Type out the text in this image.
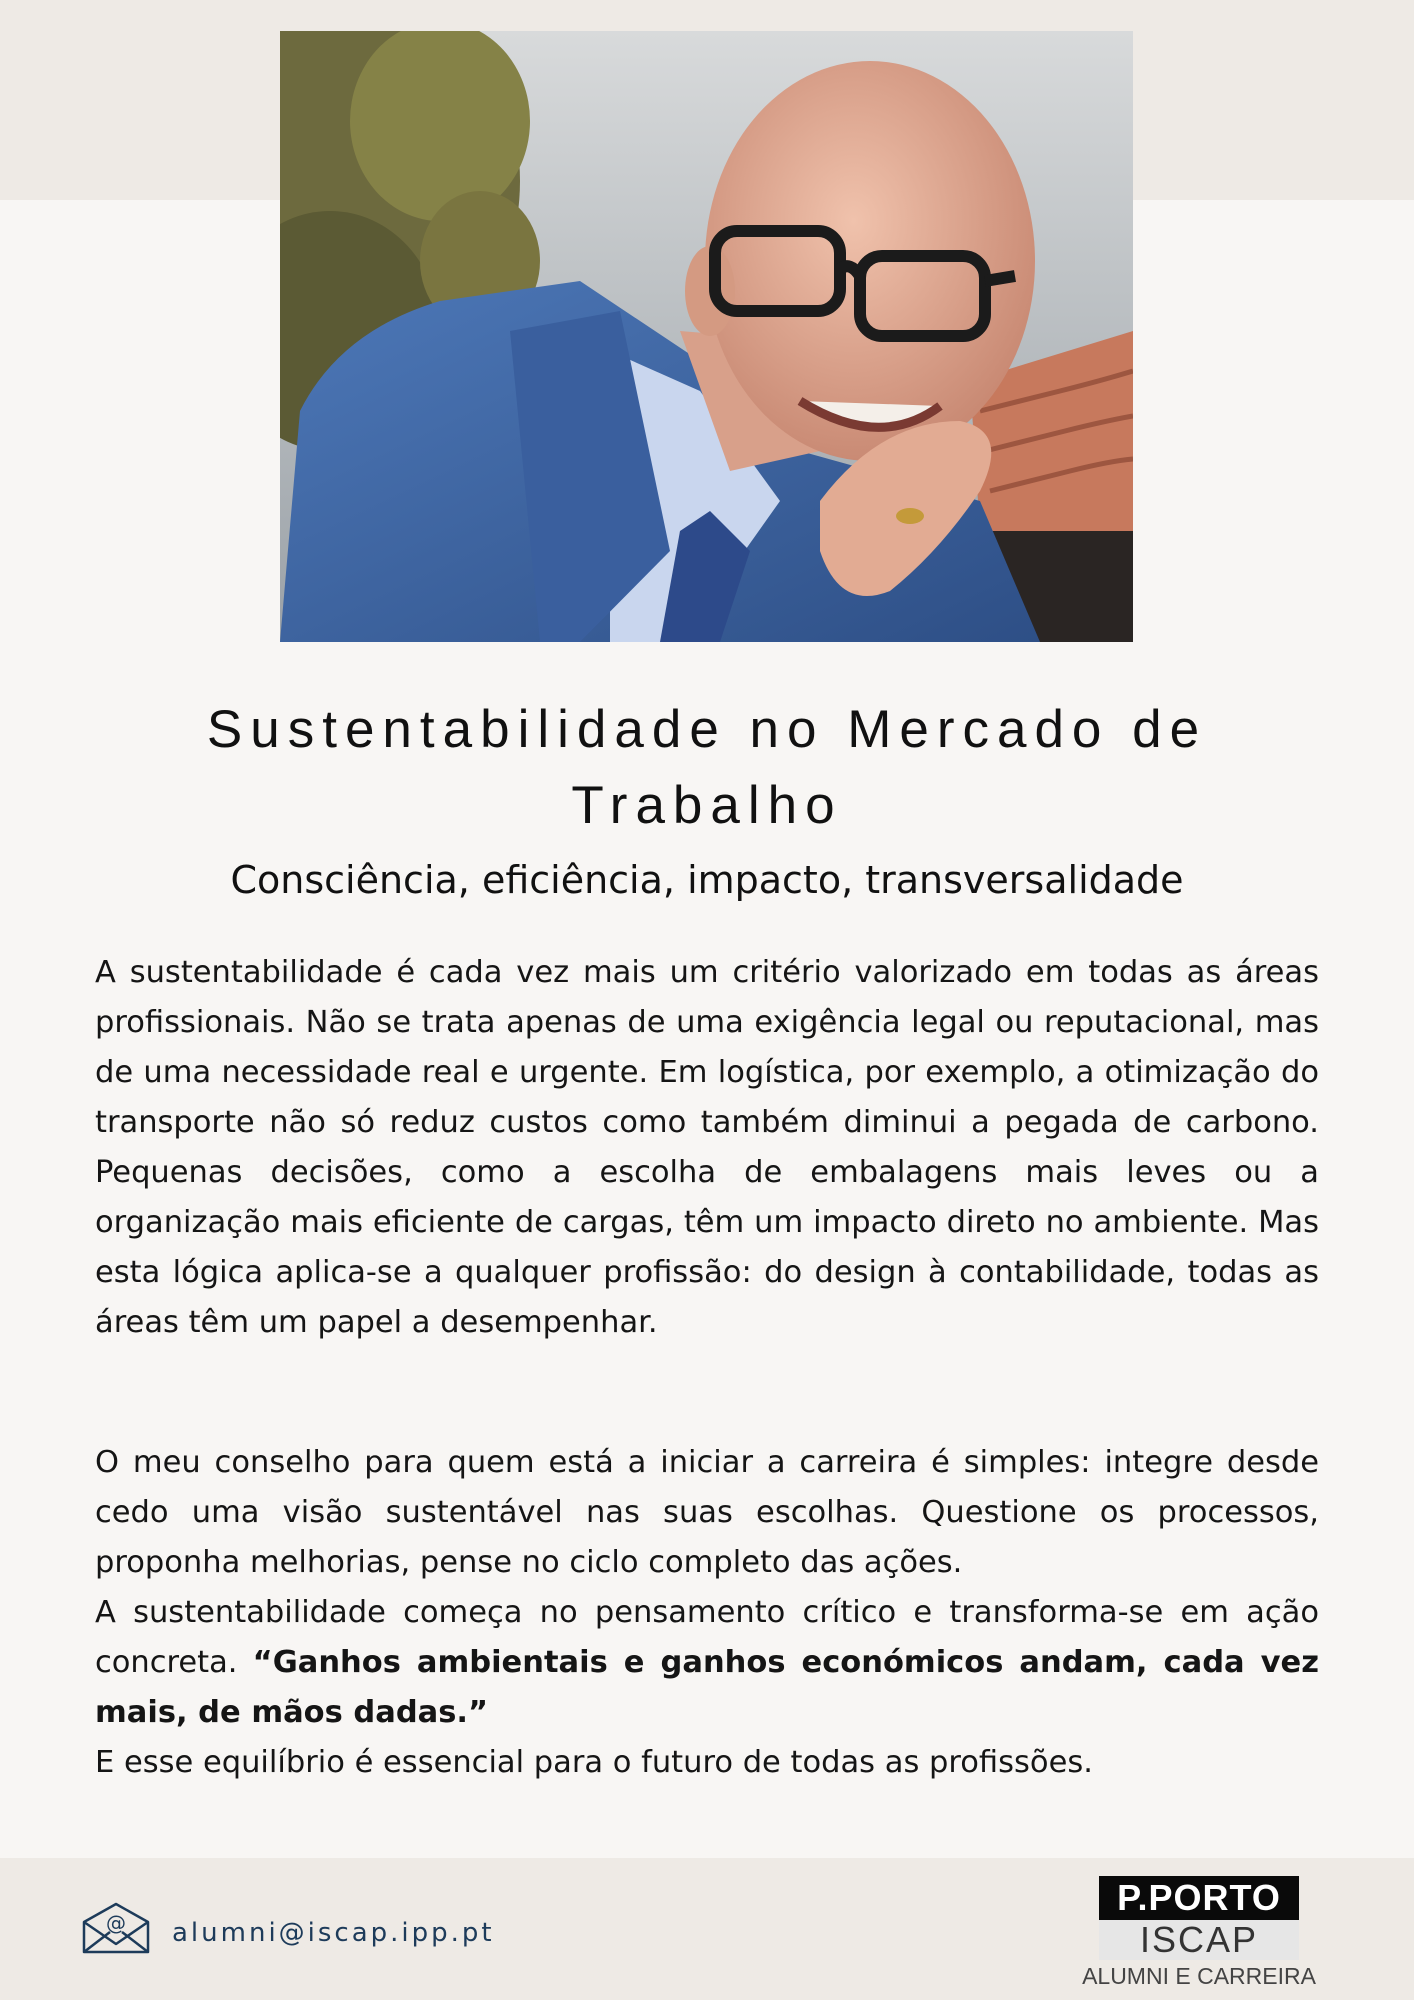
Sustentabilidade no Mercado de
Trabalho

Consciência, eficiência, impacto, transversalidade

A sustentabilidade é cada vez mais um critério valorizado em todas as áreas profissionais. Não se trata apenas de uma exigência legal ou reputacional, mas de uma necessidade real e urgente. Em logística, por exemplo, a otimização do transporte não só reduz custos como também diminui a pegada de carbono. Pequenas decisões, como a escolha de embalagens mais leves ou a organização mais eficiente de cargas, têm um impacto direto no ambiente. Mas esta lógica aplica-se a qualquer profissão: do design à contabilidade, todas as áreas têm um papel a desempenhar.

O meu conselho para quem está a iniciar a carreira é simples: integre desde cedo uma visão sustentável nas suas escolhas. Questione os processos, proponha melhorias, pense no ciclo completo das ações.
A sustentabilidade começa no pensamento crítico e transforma-se em ação concreta. “Ganhos ambientais e ganhos económicos andam, cada vez mais, de mãos dadas.”
E esse equilíbrio é essencial para o futuro de todas as profissões.
@ alumni@iscap.ipp.pt
P.PORTO
ISCAP
ALUMNI E CARREIRA
